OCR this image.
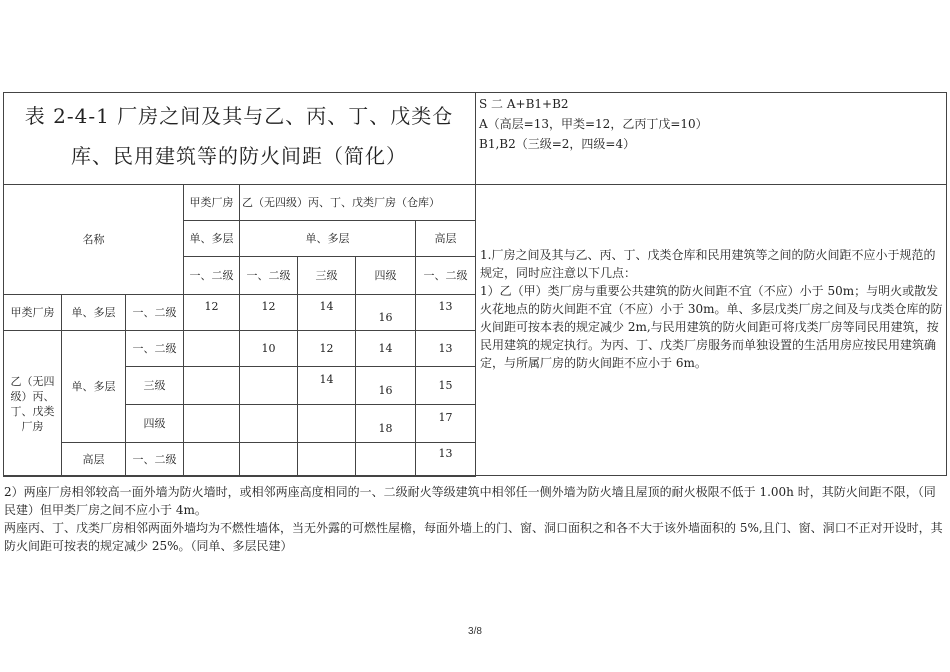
表 2-4-1 厂房之间及其与乙、丙、丁、戊类仓
库、民用建筑等的防火间距（简化）
S 二 A+B1+B2
A（高层=13，甲类=12，乙丙丁戊=10）
B1,B2（三级=2，四级=4）
名称			甲类厂房	乙（无四级）丙、丁、戊类厂房（仓库）			
			单、多层	单、多层			高层
			一、二级	一、二级	三级	四级	一、二级
甲类厂房	单、多层	一、二级	12	12	14	16	13
乙（无四级）丙、丁、戊类厂房	单、多层	一、二级		10	12	14	13
		三级			14	16	15
		四级				18	17
	高层	一、二级					13

1.厂房之间及其与乙、丙、丁、戊类仓库和民用建筑等之间的防火间距不应小于规范的规定，同时应注意以下几点：

1）乙（甲）类厂房与重要公共建筑的防火间距不宜（不应）小于 50m；与明火或散发火花地点的防火间距不宜（不应）小于 30m。单、多层戊类厂房之间及与戊类仓库的防火间距可按本表的规定减少 2m,与民用建筑的防火间距可将戊类厂房等同民用建筑，按民用建筑的规定执行。为丙、丁、戊类厂房服务而单独设置的生活用房应按民用建筑确定，与所属厂房的防火间距不应小于 6m。

2）两座厂房相邻较高一面外墙为防火墙时，或相邻两座高度相同的一、二级耐火等级建筑中相邻任一侧外墙为防火墙且屋顶的耐火极限不低于 1.00h 时，其防火间距不限，（同民建）但甲类厂房之间不应小于 4m。

两座丙、丁、戊类厂房相邻两面外墙均为不燃性墙体，当无外露的可燃性屋檐，每面外墙上的门、窗、洞口面积之和各不大于该外墙面积的 5%,且门、窗、洞口不正对开设时，其防火间距可按表的规定减少 25%。（同单、多层民建）

3/8
